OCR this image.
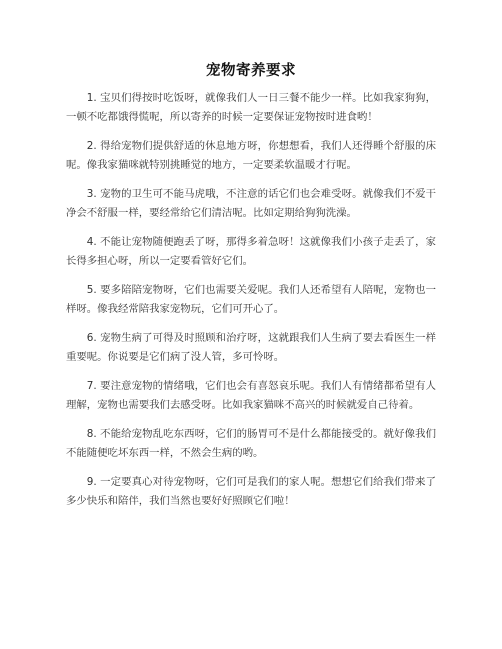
宠物寄养要求

1. 宝贝们得按时吃饭呀，就像我们人一日三餐不能少一样。比如我家狗狗，一顿不吃都饿得慌呢，所以寄养的时候一定要保证宠物按时进食哟！

2. 得给宠物们提供舒适的休息地方呀，你想想看，我们人还得睡个舒服的床呢。像我家猫咪就特别挑睡觉的地方，一定要柔软温暖才行呢。

3. 宠物的卫生可不能马虎哦，不注意的话它们也会难受呀。就像我们不爱干净会不舒服一样，要经常给它们清洁呢。比如定期给狗狗洗澡。

4. 不能让宠物随便跑丢了呀，那得多着急呀！这就像我们小孩子走丢了，家长得多担心呀，所以一定要看管好它们。

5. 要多陪陪宠物呀，它们也需要关爱呢。我们人还希望有人陪呢，宠物也一样呀。像我经常陪我家宠物玩，它们可开心了。

6. 宠物生病了可得及时照顾和治疗呀，这就跟我们人生病了要去看医生一样重要呢。你说要是它们病了没人管，多可怜呀。

7. 要注意宠物的情绪哦，它们也会有喜怒哀乐呢。我们人有情绪都希望有人理解，宠物也需要我们去感受呀。比如我家猫咪不高兴的时候就爱自己待着。

8. 不能给宠物乱吃东西呀，它们的肠胃可不是什么都能接受的。就好像我们不能随便吃坏东西一样，不然会生病的哟。

9. 一定要真心对待宠物呀，它们可是我们的家人呢。想想它们给我们带来了多少快乐和陪伴，我们当然也要好好照顾它们啦！
